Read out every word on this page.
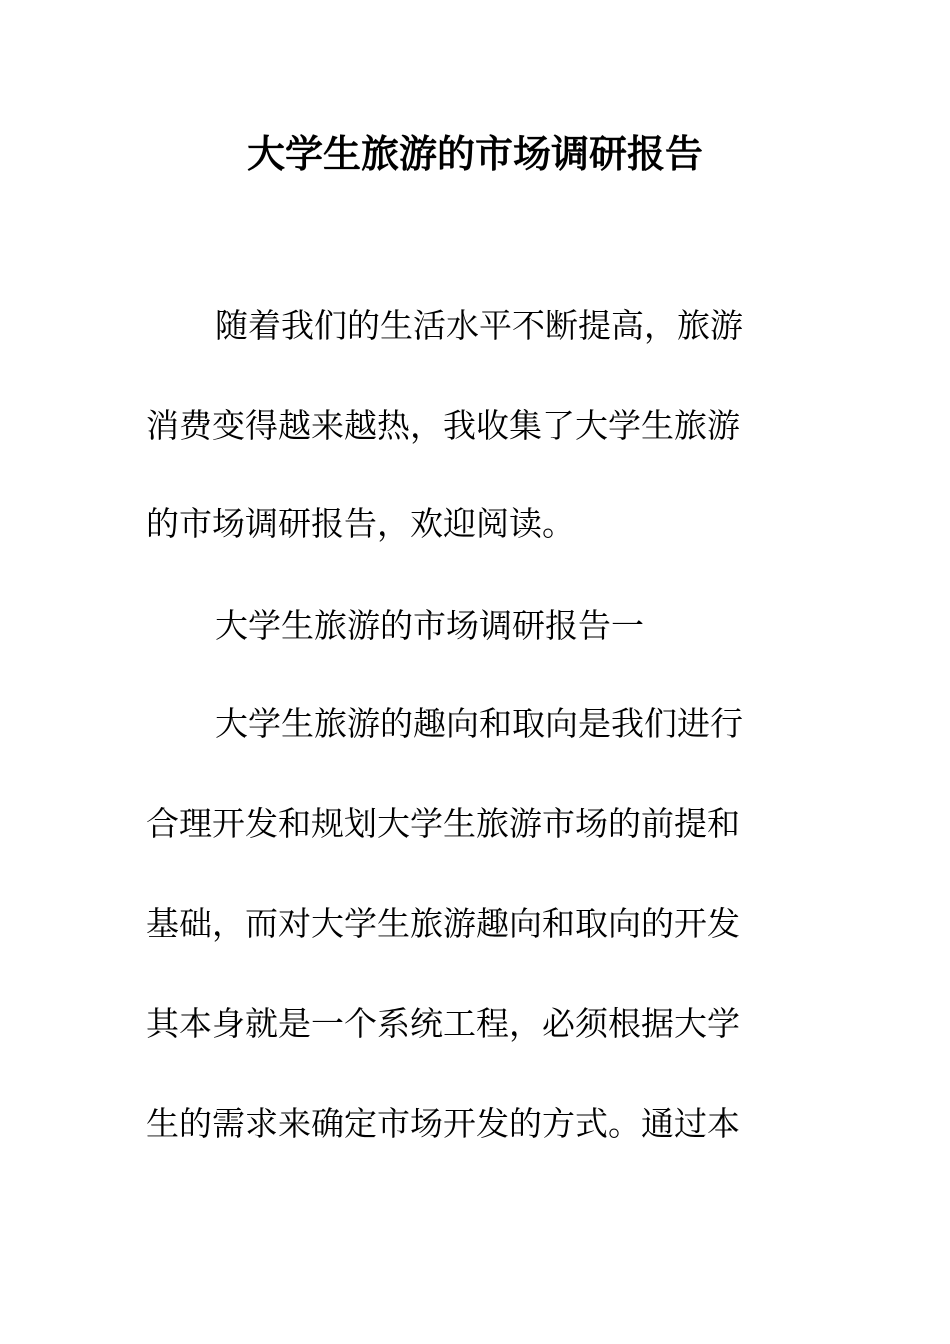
大学生旅游的市场调研报告
随着我们的生活水平不断提高，旅游
消费变得越来越热，我收集了大学生旅游
的市场调研报告，欢迎阅读。
大学生旅游的市场调研报告一
大学生旅游的趣向和取向是我们进行
合理开发和规划大学生旅游市场的前提和
基础，而对大学生旅游趣向和取向的开发
其本身就是一个系统工程，必须根据大学
生的需求来确定市场开发的方式。通过本
